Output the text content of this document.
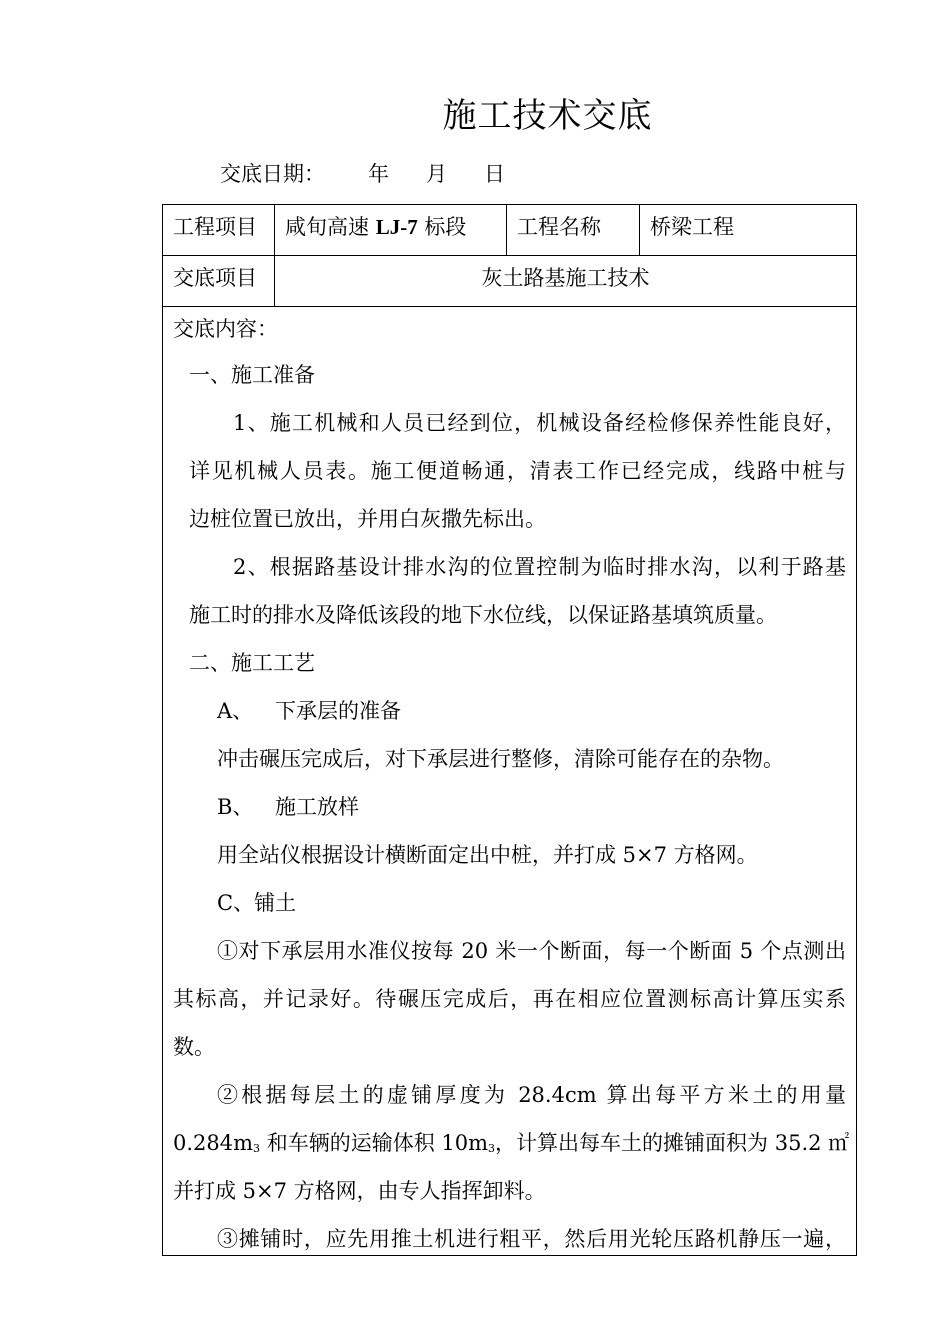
施工技术交底
交底日期： 年 月 日
工程项目	咸旬高速 LJ-7 标段	工程名称	桥梁工程
交底项目	灰土路基施工技术
交底内容：
一、施工准备
1、施工机械和人员已经到位，机械设备经检修保养性能良好，
详见机械人员表。施工便道畅通，清表工作已经完成，线路中桩与
边桩位置已放出，并用白灰撒先标出。
2、根据路基设计排水沟的位置控制为临时排水沟，以利于路基
施工时的排水及降低该段的地下水位线，以保证路基填筑质量。
二、施工工艺
A、 下承层的准备
冲击碾压完成后，对下承层进行整修，清除可能存在的杂物。
B、 施工放样
用全站仪根据设计横断面定出中桩，并打成 5×7 方格网。
C、铺土
①对下承层用水准仪按每 20 米一个断面，每一个断面 5 个点测出
其标高，并记录好。待碾压完成后，再在相应位置测标高计算压实系
数。
②根据每层土的虚铺厚度为 28.4cm 算出每平方米土的用量
$0.284m_3$ 和车辆的运输体积 $10m_3$，计算出每车土的摊铺面积为 35.2 ㎡
并打成 5×7 方格网，由专人指挥卸料。
③摊铺时，应先用推土机进行粗平，然后用光轮压路机静压一遍，
